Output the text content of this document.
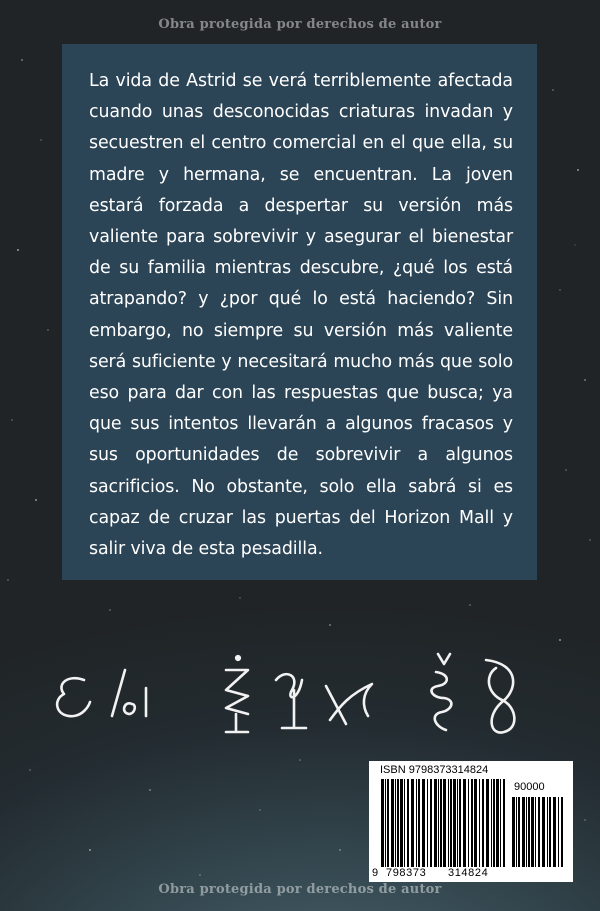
Obra protegida por derechos de autor

La vida de Astrid se verá terriblemente afectada cuando unas desconocidas criaturas invadan y secuestren el centro comercial en el que ella, su madre y hermana, se encuentran. La joven estará forzada a despertar su versión más valiente para sobrevivir y asegurar el bienestar de su familia mientras descubre, ¿qué los está atrapando? y ¿por qué lo está haciendo? Sin embargo, no siempre su versión más valiente será suficiente y necesitará mucho más que solo eso para dar con las respuestas que busca; ya que sus intentos llevarán a algunos fracasos y sus oportunidades de sobrevivir a algunos sacrificios. No obstante, solo ella sabrá si es capaz de cruzar las puertas del Horizon Mall y salir viva de esta pesadilla.

ISBN 9798373314824
90000
9 798373 314824
Obra protegida por derechos de autor
